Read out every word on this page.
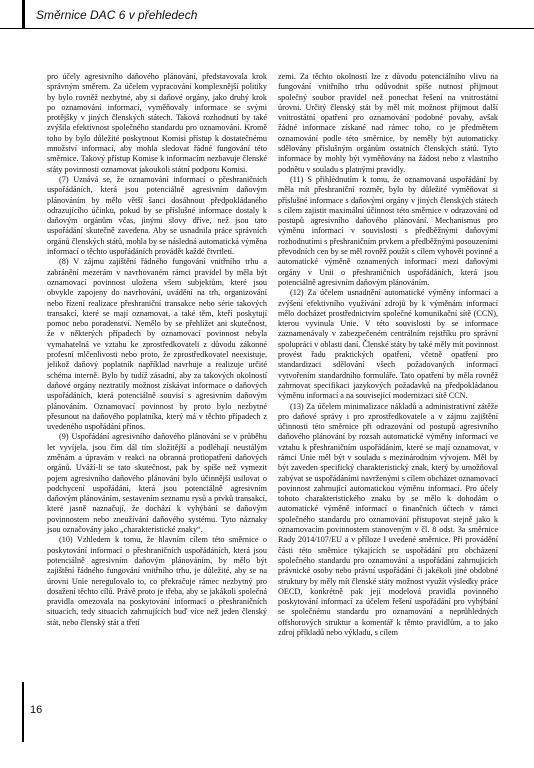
Směrnice DAC 6 v přehledech

pro účely agresivního daňového plánování, představovala krok správným směrem. Za účelem vypracování komplexnější politiky by bylo rovněž nezbytné, aby si daňové orgány, jako druhý krok po oznamování informací, vyměňovaly informace se svými protějšky v jiných členských státech. Taková rozhodnutí by také zvýšila efektivnost společného standardu pro oznamování. Kromě toho by bylo důležité poskytnout Komisi přístup k dostatečnému množství informací, aby mohla sledovat řádné fungování této směrnice. Takový přístup Komise k informacím nezbavuje členské státy povinnosti oznamovat jakoukoli státní podporu Komisi.

(7) Uznává se, že oznamování informací o přeshraničních uspořádáních, která jsou potenciálně agresivním daňovým plánováním by mělo větší šanci dosáhnout předpokládaného odrazujícího účinku, pokud by se příslušné informace dostaly k daňovým orgánům včas, jinými slovy dříve, než jsou tato uspořádání skutečně zavedena. Aby se usnadnila práce správních orgánů členských států, mohla by se následná automatická výměna informací o těchto uspořádáních provádět každé čtvrtletí.

(8) V zájmu zajištění řádného fungování vnitřního trhu a zabránění mezerám v navrhovaném rámci pravidel by měla být oznamovací povinnost uložena všem subjektům, které jsou obvykle zapojeny do navrhování, uvádění na trh, organizování nebo řízení realizace přeshraniční transakce nebo série takových transakcí, které se mají oznamovat, a také těm, kteří poskytují pomoc nebo poradenství. Nemělo by se přehlížet ani skutečnost, že v některých případech by oznamovací povinnost nebyla vymahatelná ve vztahu ke zprostředkovateli z důvodu zákonné profesní mlčenlivosti nebo proto, že zprostředkovatel neexistuje, jelikož daňový poplatník například navrhuje a realizuje určité schéma interně. Bylo by tudíž zásadní, aby za takových okolností daňové orgány neztratily možnost získávat informace o daňových uspořádáních, která potenciálně souvisí s agresivním daňovým plánováním. Oznamovací povinnost by proto bylo nezbytné přesunout na daňového poplatníka, který má v těchto případech z uvedeného uspořádání přínos.

(9) Uspořádání agresivního daňového plánování se v průběhu let vyvíjela, jsou čím dál tím složitější a podléhají neustálým změnám a úpravám v reakci na obranná protiopatření daňových orgánů. Uváží-li se tato skutečnost, pak by spíše než vymezit pojem agresivního daňového plánování bylo účinnější usilovat o podchycení uspořádání, která jsou potenciálně agresivním daňovým plánováním, sestavením seznamu rysů a prvků transakcí, které jasně naznačují, že dochází k vyhýbání se daňovým povinnostem nebo zneužívání daňového systému. Tyto náznaky jsou označovány jako „charakteristické znaky“.

(10) Vzhledem k tomu, že hlavním cílem této směrnice o poskytování informací o přeshraničních uspořádáních, která jsou potenciálně agresivním daňovým plánováním, by mělo být zajištění řádného fungování vnitřního trhu, je důležité, aby se na úrovni Unie neregulovalo to, co překračuje rámec nezbytný pro dosažení těchto cílů. Právě proto je třeba, aby se jakákoli společná pravidla omezovala na poskytování informací o přeshraničních situacích, tedy situacích zahrnujících buď více než jeden členský stát, nebo členský stát a třetí

zemi. Za těchto okolností lze z důvodu potenciálního vlivu na fungování vnitřního trhu odůvodnit spíše nutnost přijmout společný soubor pravidel než ponechat řešení na vnitrostátní úrovni. Určitý členský stát by měl mít možnost přijmout další vnitrostátní opatření pro oznamování podobné povahy, avšak žádné informace získané nad rámec toho, co je předmětem oznamování podle této směrnice, by neměly být automaticky sdělovány příslušným orgánům ostatních členských států. Tyto informace by mohly být vyměňovány na žádost nebo z vlastního podnětu v souladu s platnými pravidly.

(11) S přihlédnutím k tomu, že oznamovaná uspořádání by měla mít přeshraniční rozměr, bylo by důležité vyměňovat si příslušné informace s daňovými orgány v jiných členských státech s cílem zajistit maximální účinnost této směrnice v odrazování od postupů agresivního daňového plánování. Mechanismus pro výměnu informací v souvislosti s předběžnými daňovými rozhodnutími s přeshraničním prvkem a předběžnými posouzeními převodních cen by se měl rovněž použít s cílem vyhovět povinné a automatické výměně oznamených informací mezi daňovými orgány v Unii o přeshraničních uspořádáních, která jsou potenciálně agresivním daňovým plánováním.

(12) Za účelem usnadnění automatické výměny informací a zvýšení efektivního využívání zdrojů by k výměnám informací mělo docházet prostřednictvím společné komunikační sítě (CCN), kterou vyvinula Unie. V této souvislosti by se informace zaznamenávaly v zabezpečeném centrálním rejstříku pro správní spolupráci v oblasti daní. Členské státy by také měly mít povinnost provést řadu praktických opatření, včetně opatření pro standardizaci sdělování všech požadovaných informací vytvořením standardního formuláře. Tato opatření by měla rovněž zahrnovat specifikaci jazykových požadavků na předpokládanou výměnu informací a na související modernizaci sítě CCN.

(13) Za účelem minimalizace nákladů a administrativní zátěže pro daňové správy i pro zprostředkovatele a v zájmu zajištění účinnosti této směrnice při odrazování od postupů agresivního daňového plánování by rozsah automatické výměny informací ve vztahu k přeshraničním uspořádáním, které se mají oznamovat, v rámci Unie měl být v souladu s mezinárodním vývojem. Měl by být zaveden specifický charakteristický znak, který by umožňoval zabývat se uspořádáními navrženými s cílem obcházet oznamovací povinnost zahrnující automatickou výměnu informací. Pro účely tohoto charakteristického znaku by se mělo k dohodám o automatické výměně informací o finančních účtech v rámci společného standardu pro oznamování přistupovat stejně jako k oznamovacím povinnostem stanoveným v čl. 8 odst. 3a směrnice Rady 2014/107/EU a v příloze I uvedené směrnice. Při provádění části této směrnice týkajících se uspořádání pro obcházení společného standardu pro oznamování a uspořádání zahrnujících právnické osoby nebo právní uspořádání či jakékoli jiné obdobné struktury by měly mít členské státy možnost využít výsledky práce OECD, konkrétně pak její modelová pravidla povinného poskytování informací za účelem řešení uspořádání pro vyhýbání se společnému standardu pro oznamování a neprůhledných offshorových struktur a komentář k těmto pravidlům, a to jako zdroj příkladů nebo výkladu, s cílem

16
